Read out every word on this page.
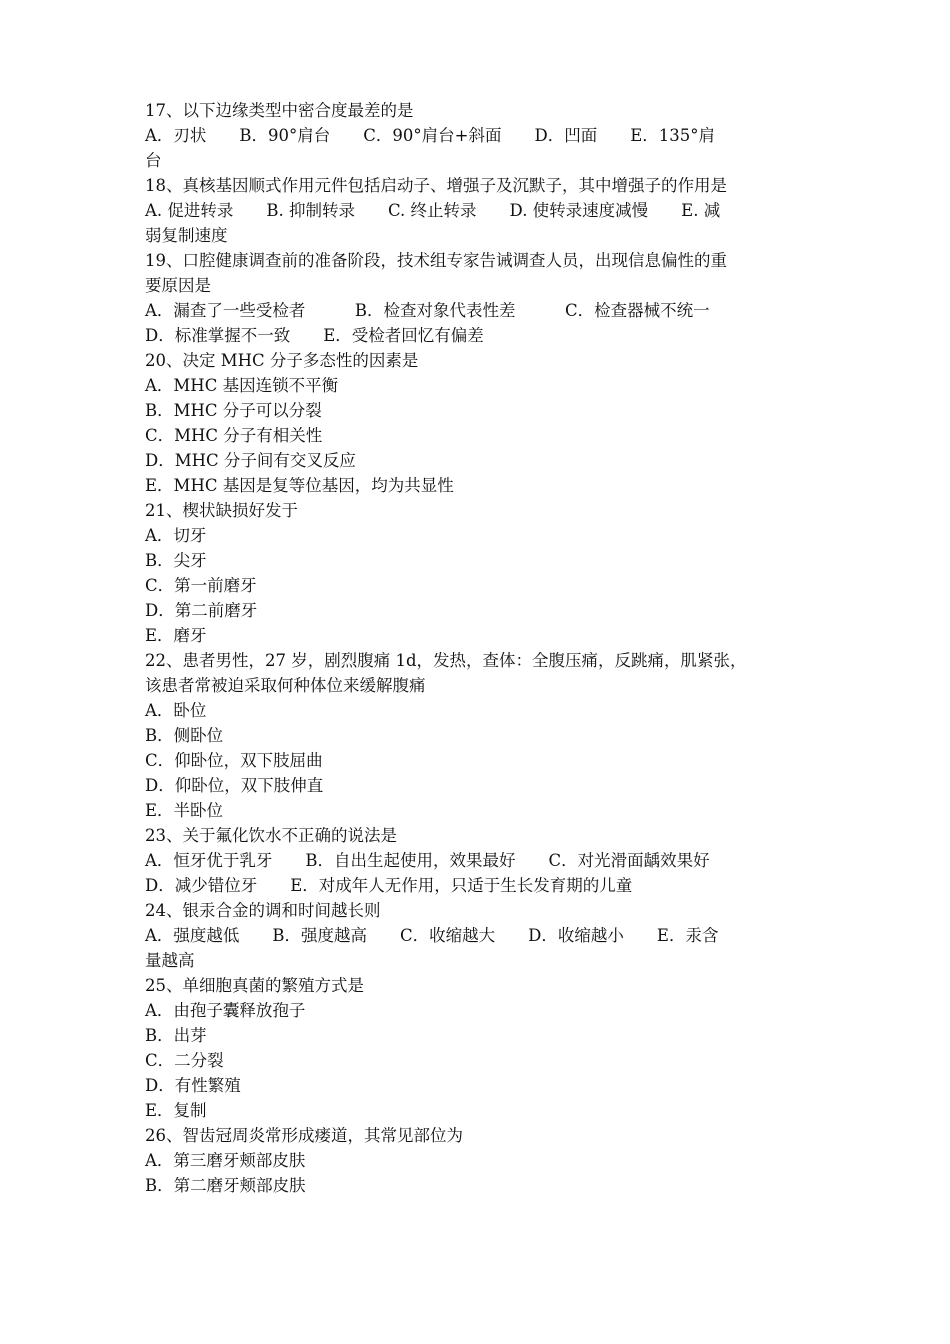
17、以下边缘类型中密合度最差的是
A．刃状　　B．90°肩台　　C．90°肩台+斜面　　D．凹面　　E．135°肩
台
18、真核基因顺式作用元件包括启动子、增强子及沉默子，其中增强子的作用是
A. 促进转录　　B. 抑制转录　　C. 终止转录　　D. 使转录速度减慢　　E. 减
弱复制速度
19、口腔健康调查前的准备阶段，技术组专家告诫调查人员，出现信息偏性的重
要原因是
A．漏查了一些受检者　　　B．检查对象代表性差　　　C．检查器械不统一
D．标准掌握不一致　　E．受检者回忆有偏差
20、决定 MHC 分子多态性的因素是
A．MHC 基因连锁不平衡
B．MHC 分子可以分裂
C．MHC 分子有相关性
D．MHC 分子间有交叉反应
E．MHC 基因是复等位基因，均为共显性
21、楔状缺损好发于
A．切牙
B．尖牙
C．第一前磨牙
D．第二前磨牙
E．磨牙
22、患者男性，27 岁，剧烈腹痛 1d，发热，查体：全腹压痛，反跳痛，肌紧张，
该患者常被迫采取何种体位来缓解腹痛
A．卧位
B．侧卧位
C．仰卧位，双下肢屈曲
D．仰卧位，双下肢伸直
E．半卧位
23、关于氟化饮水不正确的说法是
A．恒牙优于乳牙　　B．自出生起使用，效果最好　　C．对光滑面龋效果好
D．减少错位牙　　E．对成年人无作用，只适于生长发育期的儿童
24、银汞合金的调和时间越长则
A．强度越低　　B．强度越高　　C．收缩越大　　D．收缩越小　　E．汞含
量越高
25、单细胞真菌的繁殖方式是
A．由孢子囊释放孢子
B．出芽
C．二分裂
D．有性繁殖
E．复制
26、智齿冠周炎常形成瘘道，其常见部位为
A．第三磨牙颊部皮肤
B．第二磨牙颊部皮肤
